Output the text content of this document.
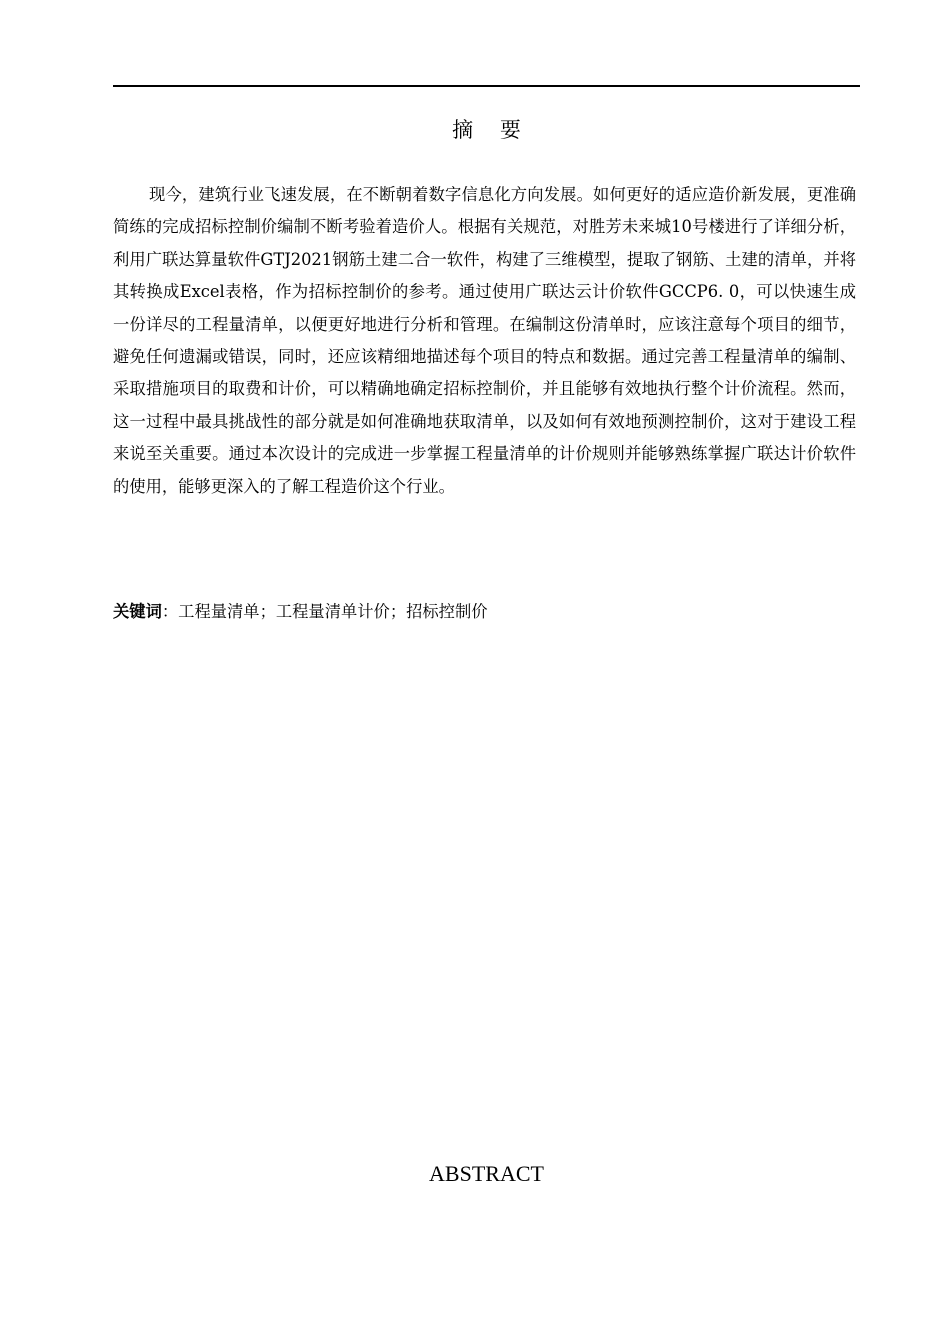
摘    要

现今，建筑行业飞速发展，在不断朝着数字信息化方向发展。如何更好的适应造价新发展，更准确简练的完成招标控制价编制不断考验着造价人。根据有关规范，对胜芳未来城10号楼进行了详细分析，利用广联达算量软件GTJ2021钢筋土建二合一软件，构建了三维模型，提取了钢筋、土建的清单，并将其转换成Excel表格，作为招标控制价的参考。通过使用广联达云计价软件GCCP6. 0，可以快速生成一份详尽的工程量清单，以便更好地进行分析和管理。在编制这份清单时，应该注意每个项目的细节，避免任何遗漏或错误，同时，还应该精细地描述每个项目的特点和数据。通过完善工程量清单的编制、采取措施项目的取费和计价，可以精确地确定招标控制价，并且能够有效地执行整个计价流程。然而，这一过程中最具挑战性的部分就是如何准确地获取清单，以及如何有效地预测控制价，这对于建设工程来说至关重要。通过本次设计的完成进一步掌握工程量清单的计价规则并能够熟练掌握广联达计价软件的使用，能够更深入的了解工程造价这个行业。

关键词：工程量清单；工程量清单计价；招标控制价
ABSTRACT
